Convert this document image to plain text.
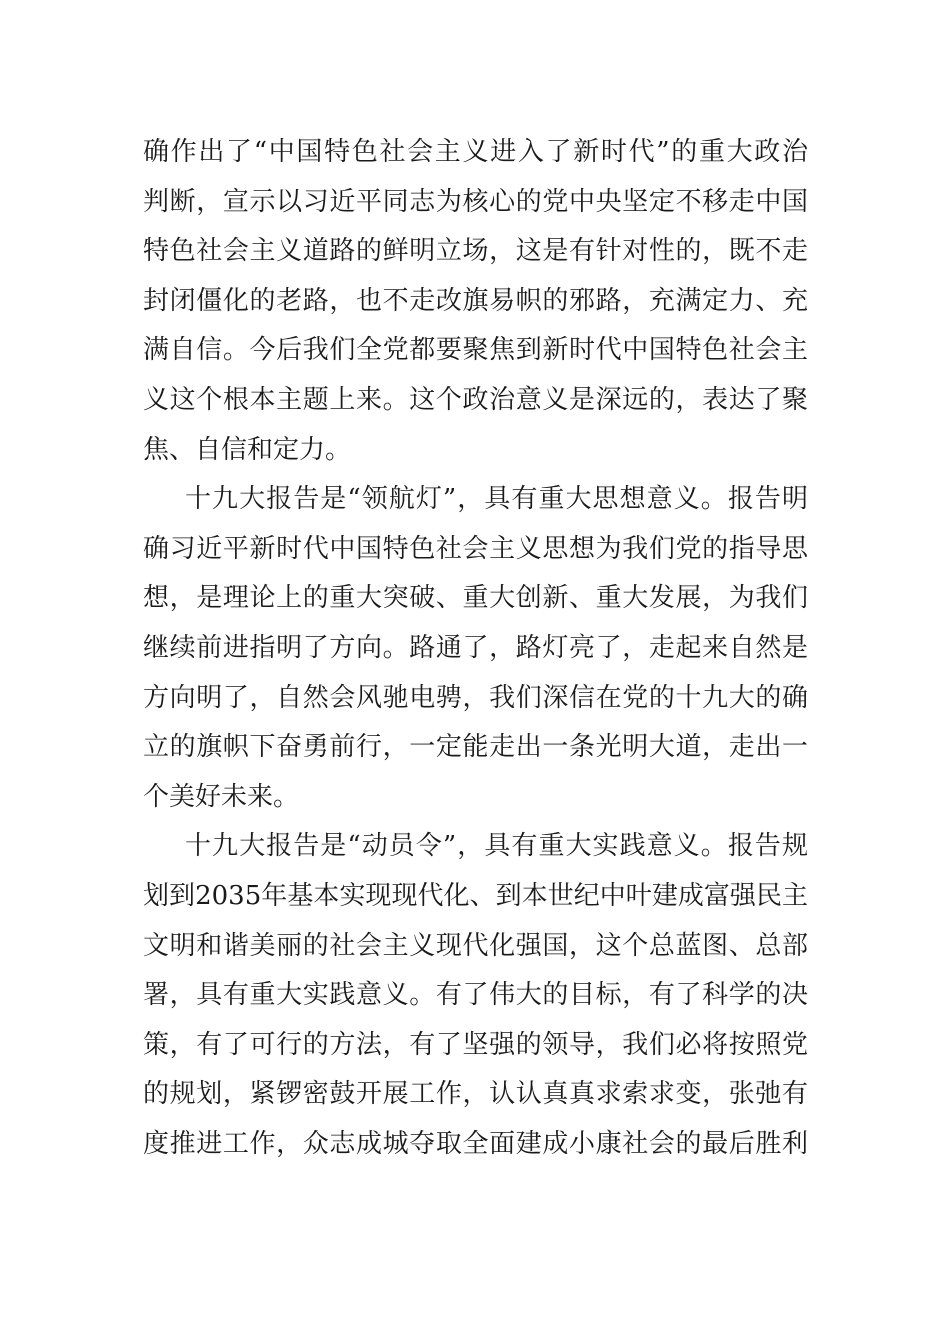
确作出了“中国特色社会主义进入了新时代”的重大政治
判断，宣示以习近平同志为核心的党中央坚定不移走中国
特色社会主义道路的鲜明立场，这是有针对性的，既不走
封闭僵化的老路，也不走改旗易帜的邪路，充满定力、充
满自信。今后我们全党都要聚焦到新时代中国特色社会主
义这个根本主题上来。这个政治意义是深远的，表达了聚
焦、自信和定力。
十九大报告是“领航灯”，具有重大思想意义。报告明
确习近平新时代中国特色社会主义思想为我们党的指导思
想，是理论上的重大突破、重大创新、重大发展，为我们
继续前进指明了方向。路通了，路灯亮了，走起来自然是
方向明了，自然会风驰电骋，我们深信在党的十九大的确
立的旗帜下奋勇前行，一定能走出一条光明大道，走出一
个美好未来。
十九大报告是“动员令”，具有重大实践意义。报告规
划到2035年基本实现现代化、到本世纪中叶建成富强民主
文明和谐美丽的社会主义现代化强国，这个总蓝图、总部
署，具有重大实践意义。有了伟大的目标，有了科学的决
策，有了可行的方法，有了坚强的领导，我们必将按照党
的规划，紧锣密鼓开展工作，认认真真求索求变，张弛有
度推进工作，众志成城夺取全面建成小康社会的最后胜利
